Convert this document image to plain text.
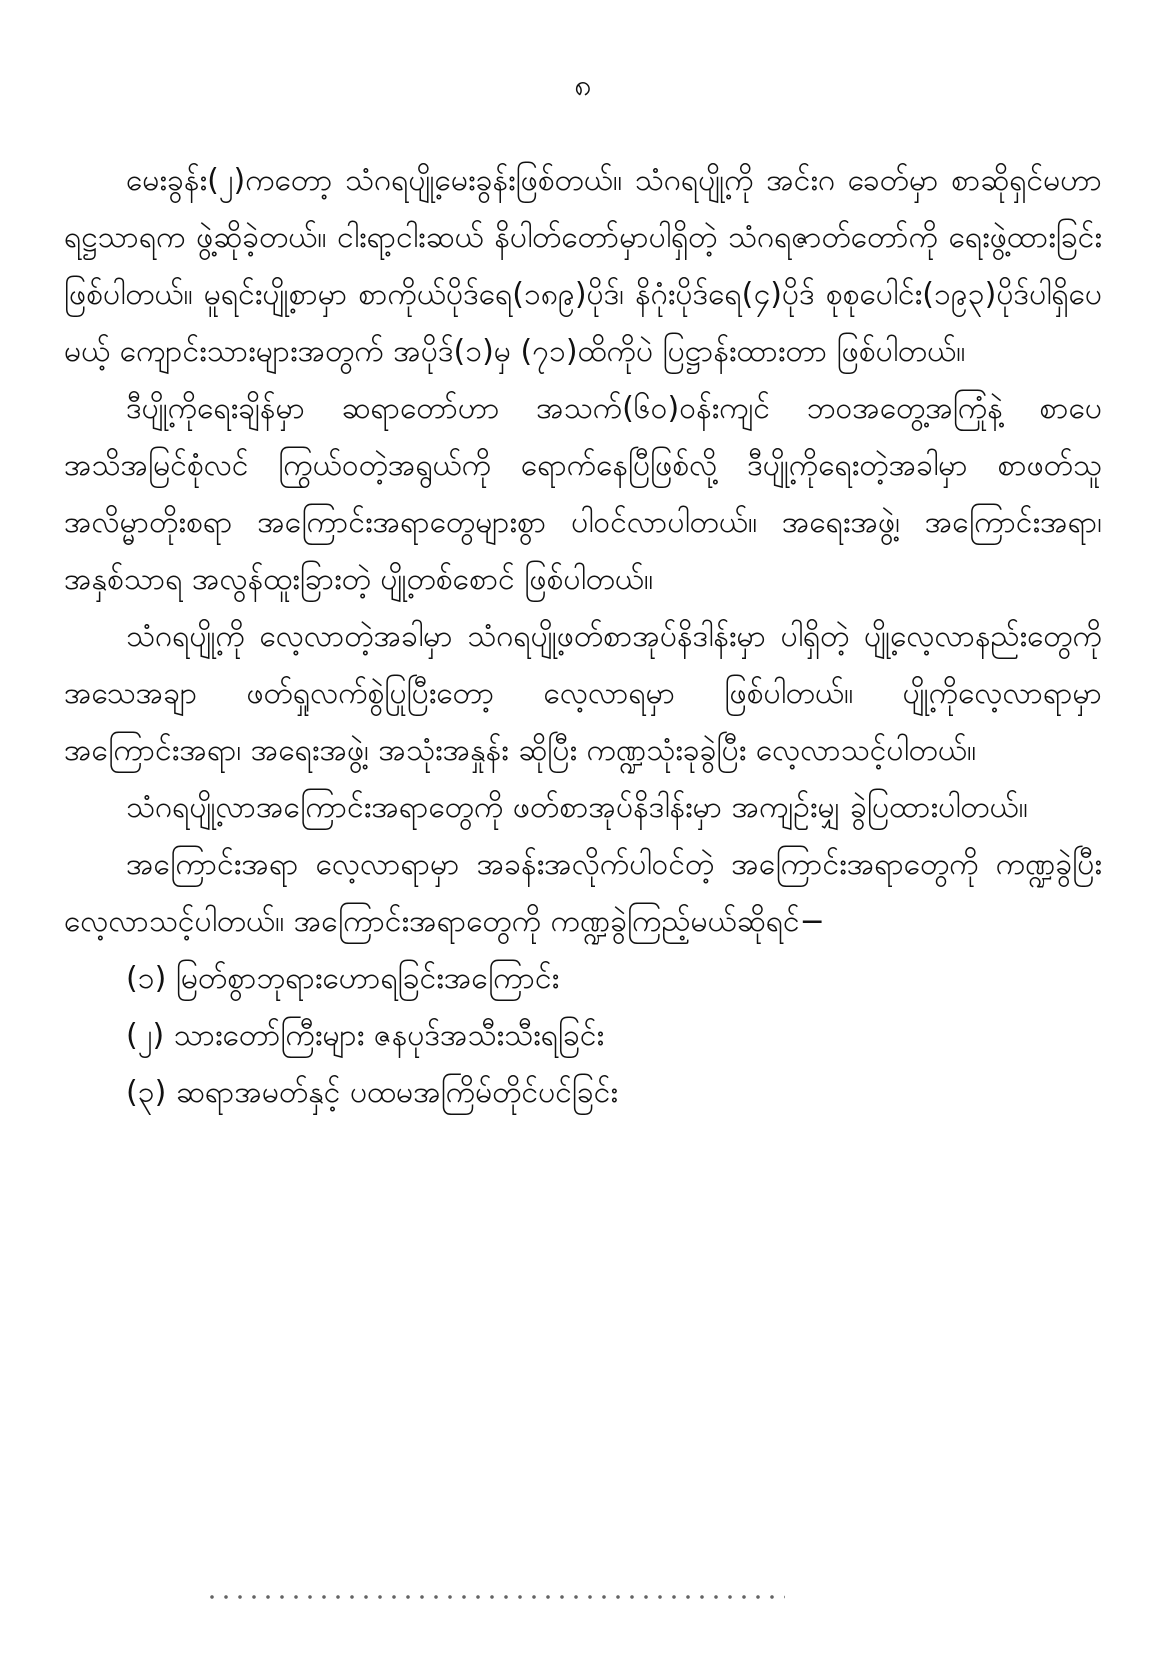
၈

မေးခွန်း(၂)ကတော့ သံဂရပျို့မေးခွန်းဖြစ်တယ်။ သံဂရပျို့ကို အင်းဂ ခေတ်မှာ စာဆိုရှင်မဟာရဋ္ဌသာရက ဖွဲ့ဆိုခဲ့တယ်။ ငါးရာ့ငါးဆယ် နိပါတ်တော်မှာပါရှိတဲ့ သံဂရဇာတ်တော်ကို ရေးဖွဲ့ထားခြင်း ဖြစ်ပါတယ်။ မူရင်းပျို့စာမှာ စာကိုယ်ပိုဒ်ရေ(၁၈၉)ပိုဒ်၊ နိဂုံးပိုဒ်ရေ(၄)ပိုဒ် စုစုပေါင်း(၁၉၃)ပိုဒ်ပါရှိပေမယ့် ကျောင်းသားများအတွက် အပိုဒ်(၁)မှ (၇၁)ထိကိုပဲ ပြဋ္ဌာန်းထားတာ ဖြစ်ပါတယ်။

ဒီပျို့ကိုရေးချိန်မှာ ဆရာတော်ဟာ အသက်(၆၀)ဝန်းကျင် ဘဝအတွေ့အကြုံနဲ့ စာပေအသိအမြင်စုံလင် ကြွယ်ဝတဲ့အရွယ်ကို ရောက်နေပြီဖြစ်လို့ ဒီပျို့ကိုရေးတဲ့အခါမှာ စာဖတ်သူအလိမ္မာတိုးစရာ အကြောင်းအရာတွေများစွာ ပါဝင်လာပါတယ်။ အရေးအဖွဲ့၊ အကြောင်းအရာ၊ အနှစ်သာရ အလွန်ထူးခြားတဲ့ ပျို့တစ်စောင် ဖြစ်ပါတယ်။

သံဂရပျို့ကို လေ့လာတဲ့အခါမှာ သံဂရပျို့ဖတ်စာအုပ်နိဒါန်းမှာ ပါရှိတဲ့ ပျို့လေ့လာနည်းတွေကို အသေအချာ ဖတ်ရှုလက်စွဲပြုပြီးတော့ လေ့လာရမှာ ဖြစ်ပါတယ်။ ပျို့ကိုလေ့လာရာမှာ အကြောင်းအရာ၊ အရေးအဖွဲ့၊ အသုံးအနှုန်း ဆိုပြီး ကဏ္ဍသုံးခုခွဲပြီး လေ့လာသင့်ပါတယ်။

သံဂရပျို့လာအကြောင်းအရာတွေကို ဖတ်စာအုပ်နိဒါန်းမှာ အကျဉ်းမျှ ခွဲပြထားပါတယ်။

အကြောင်းအရာ လေ့လာရာမှာ အခန်းအလိုက်ပါဝင်တဲ့ အကြောင်းအရာတွေကို ကဏ္ဍခွဲပြီး လေ့လာသင့်ပါတယ်။ အကြောင်းအရာတွေကို ကဏ္ဍခွဲကြည့်မယ်ဆိုရင်−

(၁) မြတ်စွာဘုရားဟောရခြင်းအကြောင်း
(၂) သားတော်ကြီးများ ဇနပုဒ်အသီးသီးရခြင်း
(၃) ဆရာအမတ်နှင့် ပထမအကြိမ်တိုင်ပင်ခြင်း
